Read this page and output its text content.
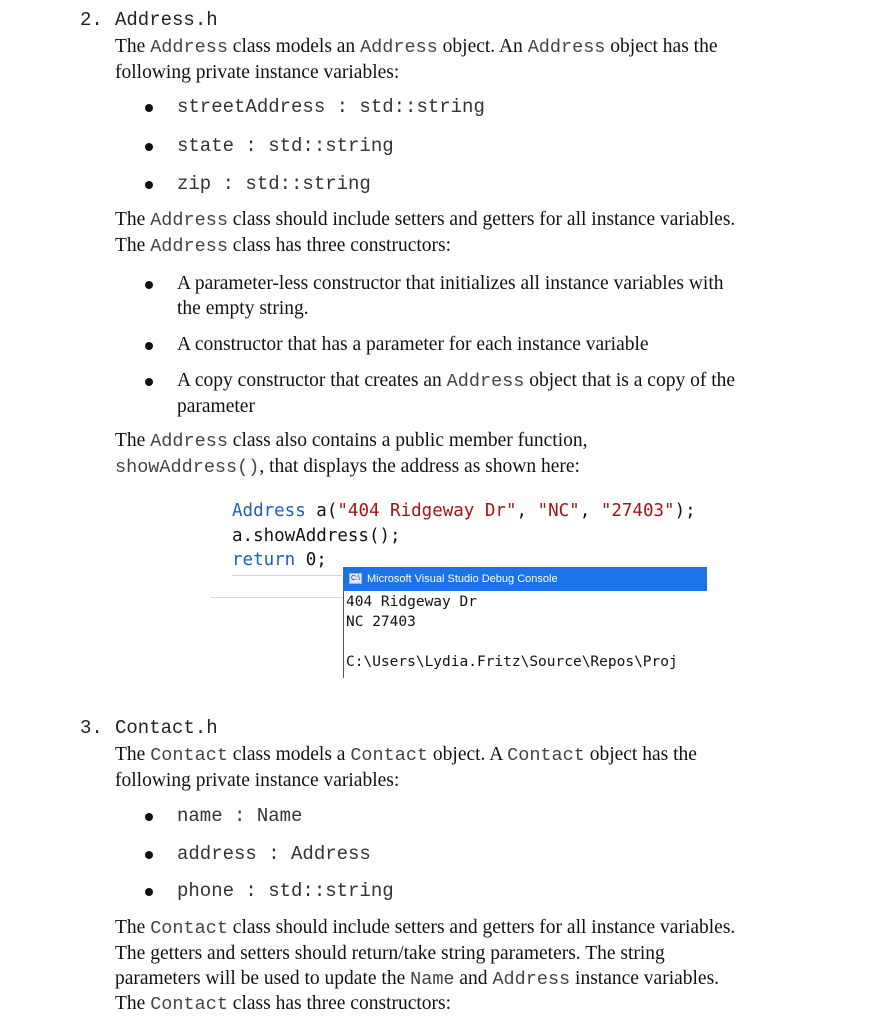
2. Address.h
The Address class models an Address object. An Address object has the
following private instance variables:
streetAddress : std::string
state : std::string
zip : std::string
The Address class should include setters and getters for all instance variables.
The Address class has three constructors:
A parameter-less constructor that initializes all instance variables with
the empty string.
A constructor that has a parameter for each instance variable
A copy constructor that creates an Address object that is a copy of the
parameter
The Address class also contains a public member function,
showAddress(), that displays the address as shown here:
Address a("404 Ridgeway Dr", "NC", "27403");
a.showAddress();
return 0;
C:\ Microsoft Visual Studio Debug Console
404 Ridgeway Dr
NC 27403
C:\Users\Lydia.Fritz\Source\Repos\Proj
3. Contact.h
The Contact class models a Contact object. A Contact object has the
following private instance variables:
name : Name
address : Address
phone : std::string
The Contact class should include setters and getters for all instance variables.
The getters and setters should return/take string parameters. The string
parameters will be used to update the Name and Address instance variables.
The Contact class has three constructors:
